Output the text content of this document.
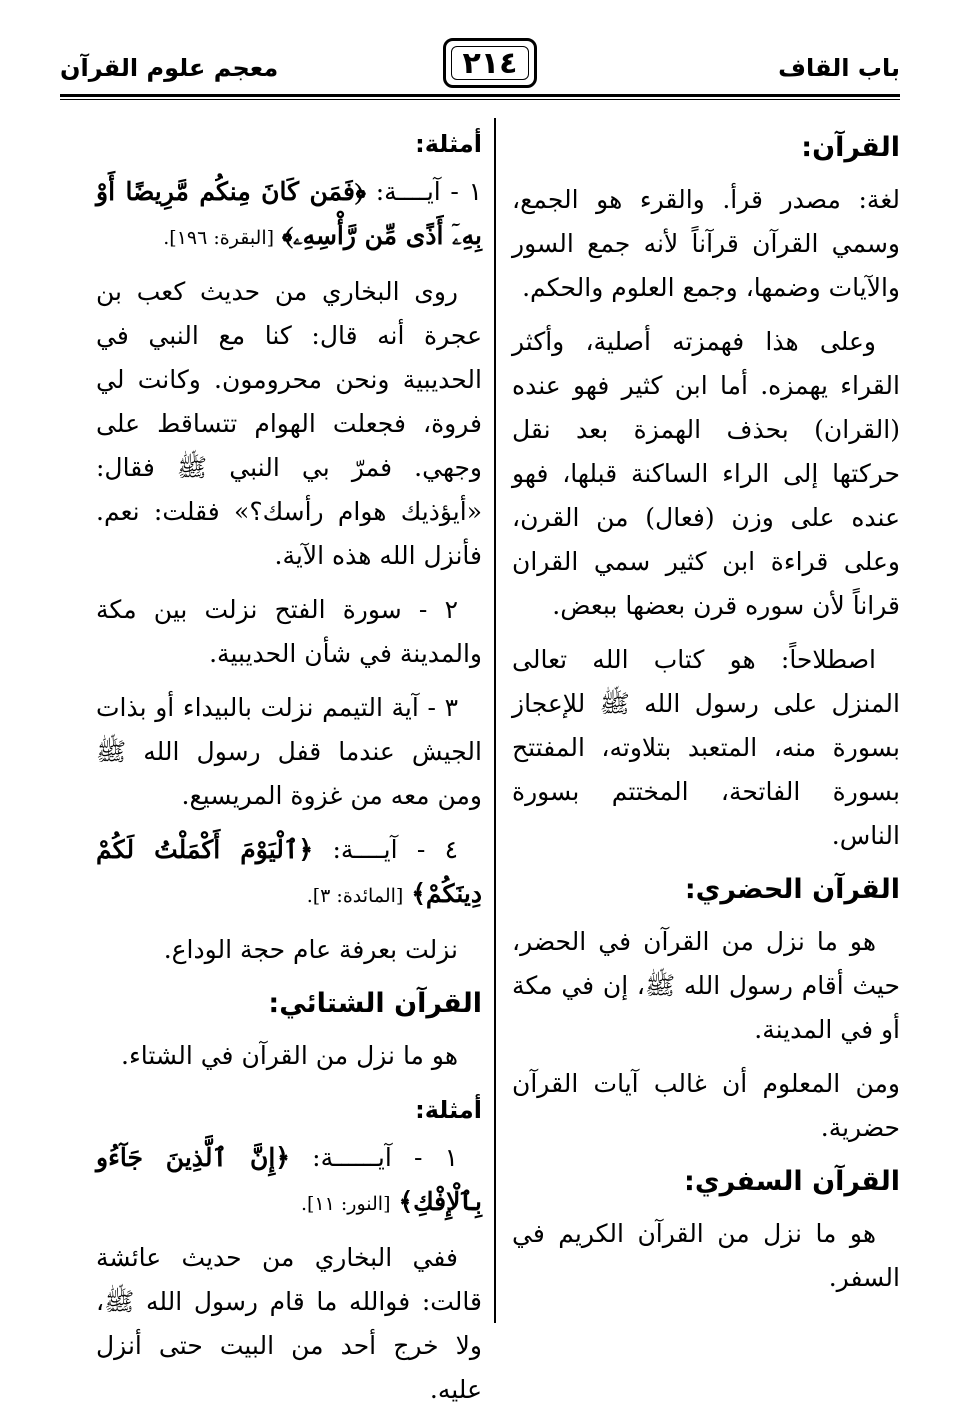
باب القاف
٢١٤
معجم علوم القرآن
القرآن:

لغة: مصدر قرأ. والقرء هو الجمع، وسمي القرآن قرآناً لأنه جمع السور والآيات وضمها، وجمع العلوم والحكم.

وعلى هذا فهمزته أصلية، وأكثر القراء يهمزه. أما ابن كثير فهو عنده (القران) بحذف الهمزة بعد نقل حركتها إلى الراء الساكنة قبلها، فهو عنده على وزن (فعال) من القرن، وعلى قراءة ابن كثير سمي القران قراناً لأن سوره قرن بعضها ببعض.

اصطلاحاً: هو كتاب الله تعالى المنزل على رسول الله ﷺ للإعجاز بسورة منه، المتعبد بتلاوته، المفتتح بسورة الفاتحة، المختتم بسورة الناس.

القرآن الحضري:

هو ما نزل من القرآن في الحضر، حيث أقام رسول الله ﷺ، إن في مكة أو في المدينة.

ومن المعلوم أن غالب آيات القرآن حضرية.

القرآن السفري:

هو ما نزل من القرآن الكريم في السفر.

أمثلة:

١ - آيــــة: ﴿فَمَن كَانَ مِنكُم مَّرِيضًا أَوْ بِهِۦٓ أَذًى مِّن رَّأْسِهِۦ﴾ [البقرة: ١٩٦].

روى البخاري من حديث كعب بن عجرة أنه قال: كنا مع النبي في الحديبية ونحن محرومون. وكانت لي فروة، فجعلت الهوام تتساقط على وجهي. فمرّ بي النبي ﷺ فقال: «أيؤذيك هوام رأسك؟» فقلت: نعم. فأنزل الله هذه الآية.

٢ - سورة الفتح نزلت بين مكة والمدينة في شأن الحديبية.

٣ - آية التيمم نزلت بالبيداء أو بذات الجيش عندما قفل رسول الله ﷺ ومن معه من غزوة المريسيع.

٤ - آيــــة: ﴿ٱلْيَوْمَ أَكْمَلْتُ لَكُمْ دِينَكُمْ﴾ [المائدة: ٣].

نزلت بعرفة عام حجة الوداع.

القرآن الشتائي:

هو ما نزل من القرآن في الشتاء.

أمثلة:

١ - آيــــــة: ﴿إِنَّ ٱلَّذِينَ جَآءُو بِٱلْإِفْكِ﴾ [النور: ١١].

ففي البخاري من حديث عائشة قالت: فوالله ما قام رسول الله ﷺ، ولا خرج أحد من البيت حتى أنزل عليه.
